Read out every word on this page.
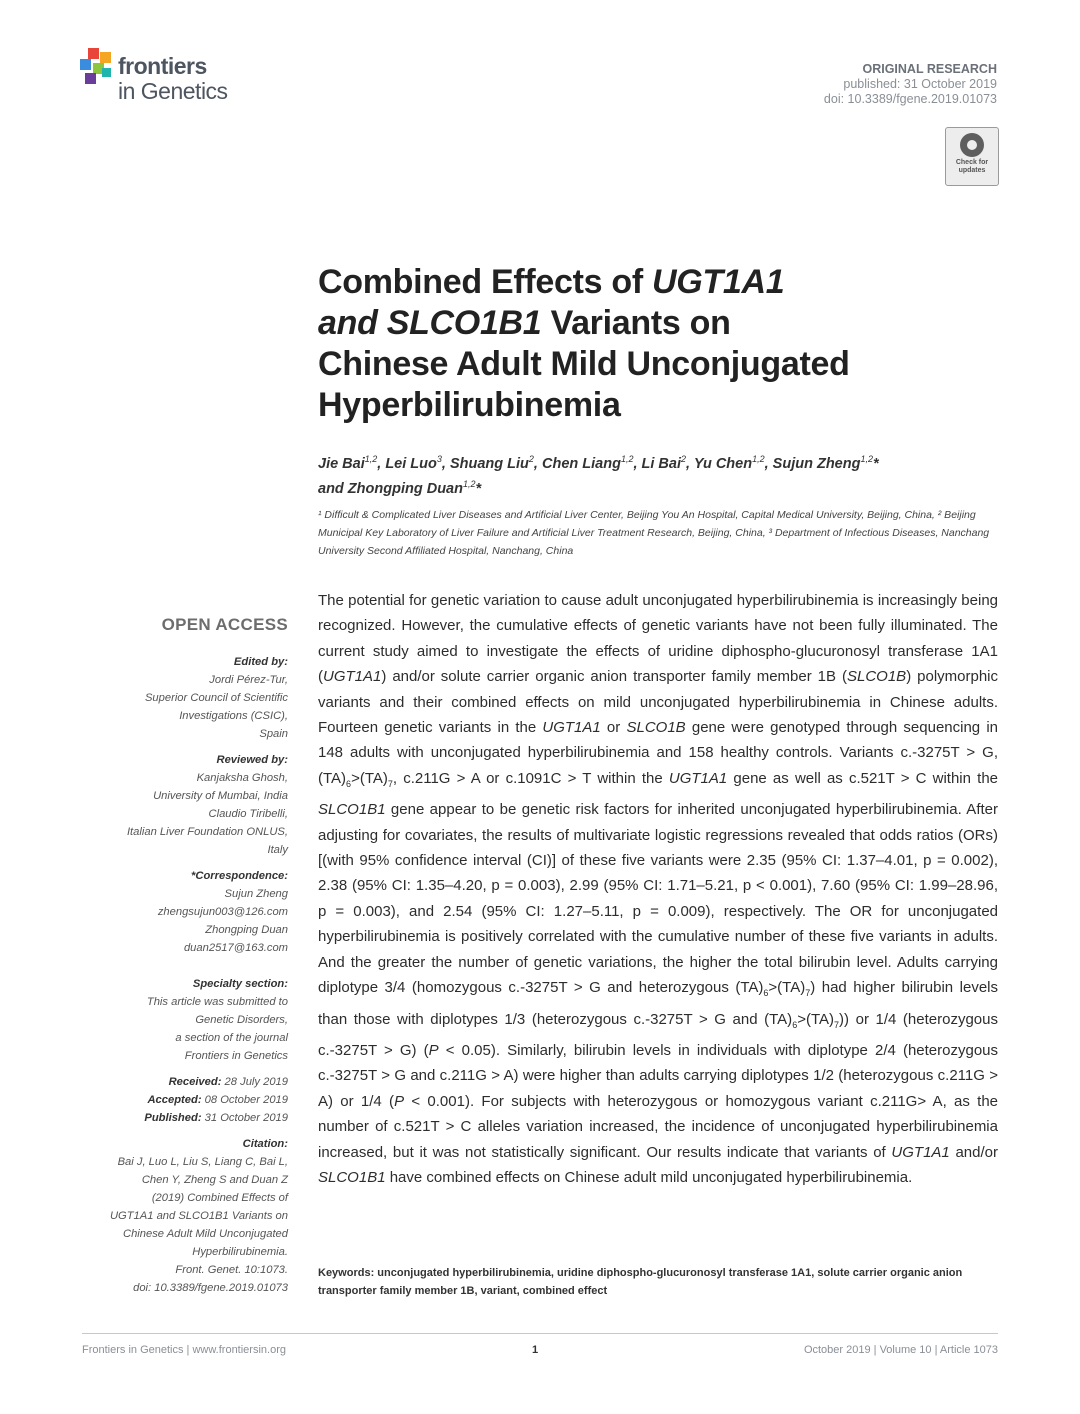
frontiers
in Genetics
ORIGINAL RESEARCH
published: 31 October 2019
doi: 10.3389/fgene.2019.01073
Check for updates
Combined Effects of UGT1A1
and SLCO1B1 Variants on
Chinese Adult Mild Unconjugated
Hyperbilirubinemia
Jie Bai$^{1,2}$, Lei Luo$^3$, Shuang Liu$^2$, Chen Liang$^{1,2}$, Li Bai$^2$, Yu Chen$^{1,2}$, Sujun Zheng$^{1,2}$*
and Zhongping Duan$^{1,2}$*
¹ Difficult & Complicated Liver Diseases and Artificial Liver Center, Beijing You An Hospital, Capital Medical University, Beijing, China, ² Beijing Municipal Key Laboratory of Liver Failure and Artificial Liver Treatment Research, Beijing, China, ³ Department of Infectious Diseases, Nanchang University Second Affiliated Hospital, Nanchang, China
OPEN ACCESS
Edited by:
Jordi Pérez-Tur,
Superior Council of Scientific
Investigations (CSIC),
Spain
Reviewed by:
Kanjaksha Ghosh,
University of Mumbai, India
Claudio Tiribelli,
Italian Liver Foundation ONLUS,
Italy
*Correspondence:
Sujun Zheng
zhengsujun003@126.com
Zhongping Duan
duan2517@163.com
Specialty section:
This article was submitted to
Genetic Disorders,
a section of the journal
Frontiers in Genetics
Received: 28 July 2019
Accepted: 08 October 2019
Published: 31 October 2019
Citation:
Bai J, Luo L, Liu S, Liang C, Bai L,
Chen Y, Zheng S and Duan Z
(2019) Combined Effects of
UGT1A1 and SLCO1B1 Variants on
Chinese Adult Mild Unconjugated
Hyperbilirubinemia.
Front. Genet. 10:1073.
doi: 10.3389/fgene.2019.01073
The potential for genetic variation to cause adult unconjugated hyperbilirubinemia is increasingly being recognized. However, the cumulative effects of genetic variants have not been fully illuminated. The current study aimed to investigate the effects of uridine diphospho-glucuronosyl transferase 1A1 (UGT1A1) and/or solute carrier organic anion transporter family member 1B (SLCO1B) polymorphic variants and their combined effects on mild unconjugated hyperbilirubinemia in Chinese adults. Fourteen genetic variants in the UGT1A1 or SLCO1B gene were genotyped through sequencing in 148 adults with unconjugated hyperbilirubinemia and 158 healthy controls. Variants c.-3275T > G, $(TA)_6>(TA)_7$, c.211G > A or c.1091C > T within the UGT1A1 gene as well as c.521T > C within the SLCO1B1 gene appear to be genetic risk factors for inherited unconjugated hyperbilirubinemia. After adjusting for covariates, the results of multivariate logistic regressions revealed that odds ratios (ORs) [(with 95% confidence interval (CI)] of these five variants were 2.35 (95% CI: 1.37–4.01, p = 0.002), 2.38 (95% CI: 1.35–4.20, p = 0.003), 2.99 (95% CI: 1.71–5.21, p < 0.001), 7.60 (95% CI: 1.99–28.96, p = 0.003), and 2.54 (95% CI: 1.27–5.11, p = 0.009), respectively. The OR for unconjugated hyperbilirubinemia is positively correlated with the cumulative number of these five variants in adults. And the greater the number of genetic variations, the higher the total bilirubin level. Adults carrying diplotype 3/4 (homozygous c.-3275T > G and heterozygous $(TA)_6>(TA)_7$) had higher bilirubin levels than those with diplotypes 1/3 (heterozygous c.-3275T > G and $(TA)_6>(TA)_7$)) or 1/4 (heterozygous c.-3275T > G) (P < 0.05). Similarly, bilirubin levels in individuals with diplotype 2/4 (heterozygous c.-3275T > G and c.211G > A) were higher than adults carrying diplotypes 1/2 (heterozygous c.211G > A) or 1/4 (P < 0.001). For subjects with heterozygous or homozygous variant c.211G> A, as the number of c.521T > C alleles variation increased, the incidence of unconjugated hyperbilirubinemia increased, but it was not statistically significant. Our results indicate that variants of UGT1A1 and/or SLCO1B1 have combined effects on Chinese adult mild unconjugated hyperbilirubinemia.
Keywords: unconjugated hyperbilirubinemia, uridine diphospho-glucuronosyl transferase 1A1, solute carrier organic anion transporter family member 1B, variant, combined effect
Frontiers in Genetics | www.frontiersin.org	1	October 2019 | Volume 10 | Article 1073
